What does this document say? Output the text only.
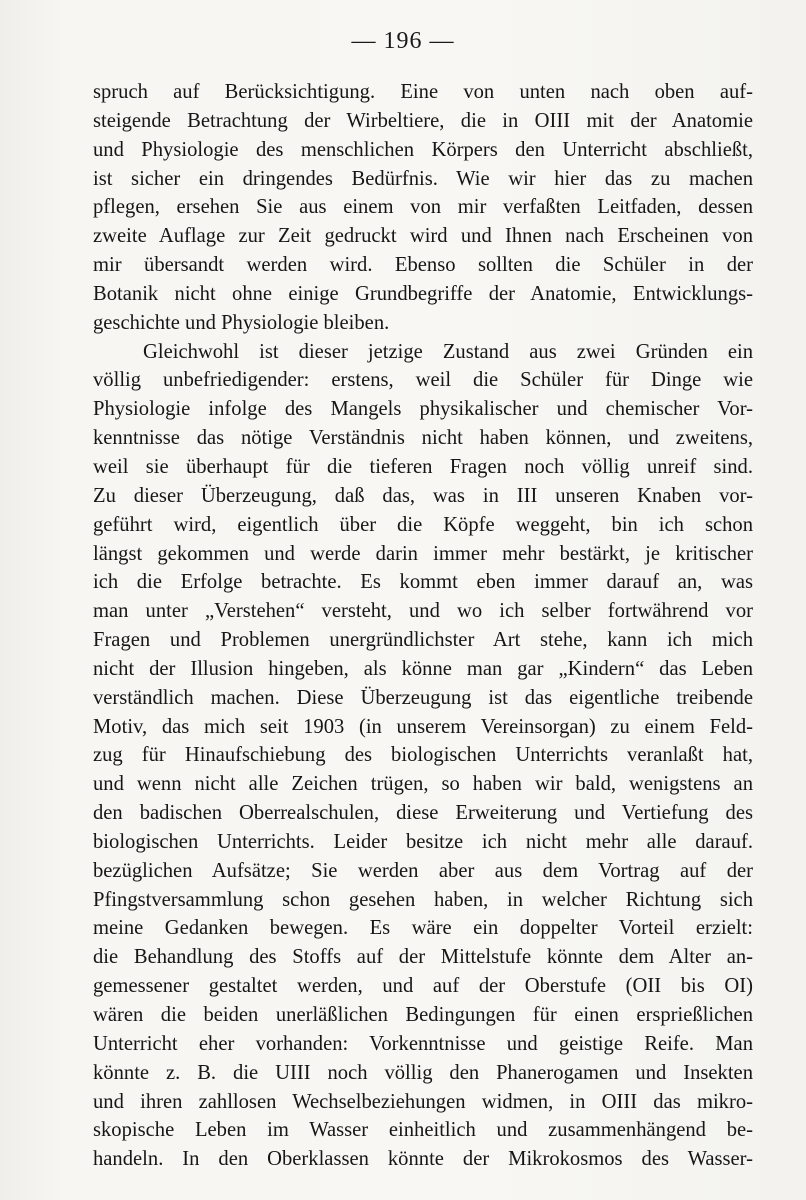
— 196 —
spruch auf Berücksichtigung. Eine von unten nach oben auf-
steigende Betrachtung der Wirbeltiere, die in OIII mit der Anatomie
und Physiologie des menschlichen Körpers den Unterricht abschließt,
ist sicher ein dringendes Bedürfnis. Wie wir hier das zu machen
pflegen, ersehen Sie aus einem von mir verfaßten Leitfaden, dessen
zweite Auflage zur Zeit gedruckt wird und Ihnen nach Erscheinen von
mir übersandt werden wird. Ebenso sollten die Schüler in der
Botanik nicht ohne einige Grundbegriffe der Anatomie, Entwicklungs-
geschichte und Physiologie bleiben.
Gleichwohl ist dieser jetzige Zustand aus zwei Gründen ein
völlig unbefriedigender: erstens, weil die Schüler für Dinge wie
Physiologie infolge des Mangels physikalischer und chemischer Vor-
kenntnisse das nötige Verständnis nicht haben können, und zweitens,
weil sie überhaupt für die tieferen Fragen noch völlig unreif sind.
Zu dieser Überzeugung, daß das, was in III unseren Knaben vor-
geführt wird, eigentlich über die Köpfe weggeht, bin ich schon
längst gekommen und werde darin immer mehr bestärkt, je kritischer
ich die Erfolge betrachte. Es kommt eben immer darauf an, was
man unter „Verstehen“ versteht, und wo ich selber fortwährend vor
Fragen und Problemen unergründlichster Art stehe, kann ich mich
nicht der Illusion hingeben, als könne man gar „Kindern“ das Leben
verständlich machen. Diese Überzeugung ist das eigentliche treibende
Motiv, das mich seit 1903 (in unserem Vereinsorgan) zu einem Feld-
zug für Hinaufschiebung des biologischen Unterrichts veranlaßt hat,
und wenn nicht alle Zeichen trügen, so haben wir bald, wenigstens an
den badischen Oberrealschulen, diese Erweiterung und Vertiefung des
biologischen Unterrichts. Leider besitze ich nicht mehr alle darauf.
bezüglichen Aufsätze; Sie werden aber aus dem Vortrag auf der
Pfingstversammlung schon gesehen haben, in welcher Richtung sich
meine Gedanken bewegen. Es wäre ein doppelter Vorteil erzielt:
die Behandlung des Stoffs auf der Mittelstufe könnte dem Alter an-
gemessener gestaltet werden, und auf der Oberstufe (OII bis OI)
wären die beiden unerläßlichen Bedingungen für einen ersprießlichen
Unterricht eher vorhanden: Vorkenntnisse und geistige Reife. Man
könnte z. B. die UIII noch völlig den Phanerogamen und Insekten
und ihren zahllosen Wechselbeziehungen widmen, in OIII das mikro-
skopische Leben im Wasser einheitlich und zusammenhängend be-
handeln. In den Oberklassen könnte der Mikrokosmos des Wasser-
